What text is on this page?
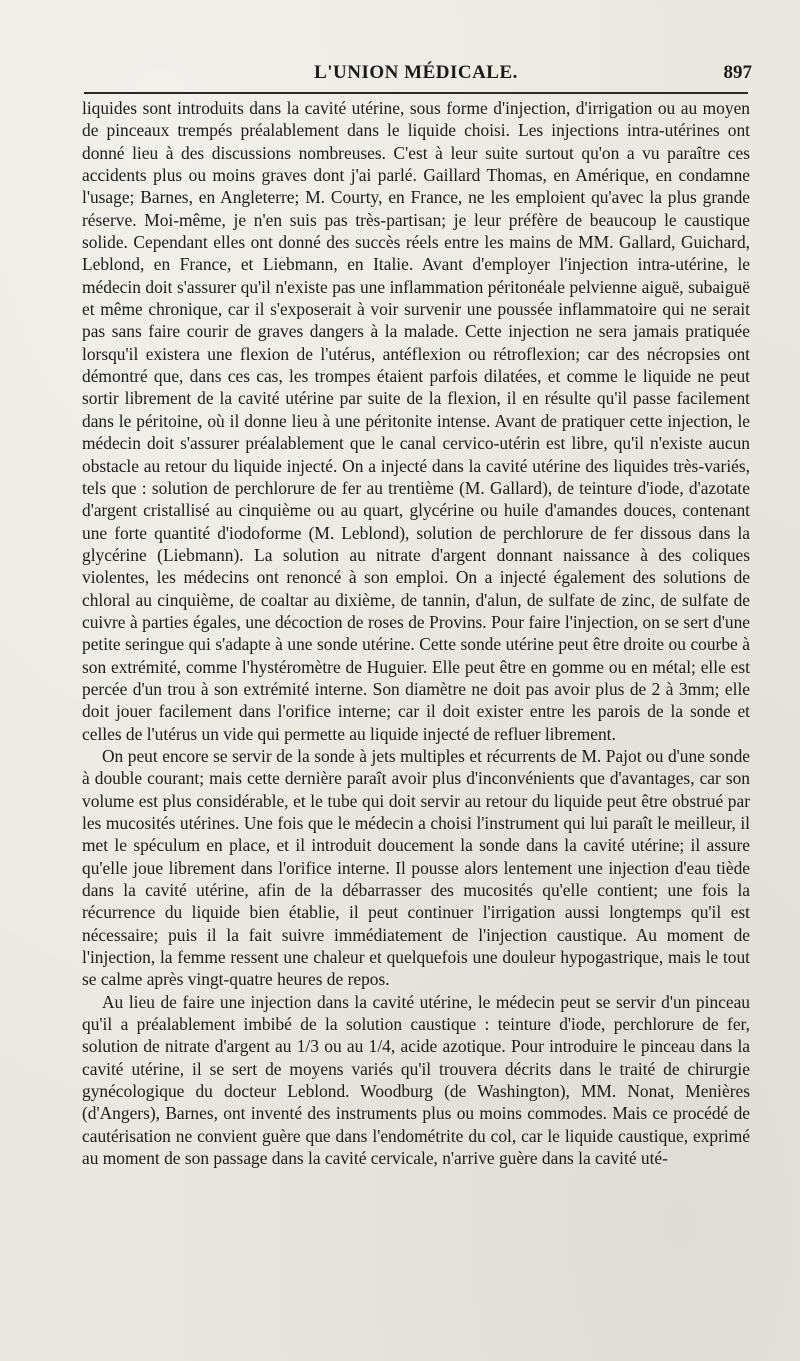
L'UNION MÉDICALE.	897

liquides sont introduits dans la cavité utérine, sous forme d'injection, d'irrigation ou au moyen de pinceaux trempés préalablement dans le liquide choisi. Les injections intra-utérines ont donné lieu à des discussions nombreuses. C'est à leur suite surtout qu'on a vu paraître ces accidents plus ou moins graves dont j'ai parlé. Gaillard Thomas, en Amérique, en condamne l'usage; Barnes, en Angleterre; M. Courty, en France, ne les emploient qu'avec la plus grande réserve. Moi-même, je n'en suis pas très-partisan; je leur préfère de beaucoup le caustique solide. Cependant elles ont donné des succès réels entre les mains de MM. Gallard, Guichard, Leblond, en France, et Liebmann, en Italie. Avant d'employer l'injection intra-utérine, le médecin doit s'assurer qu'il n'existe pas une inflammation péritonéale pelvienne aiguë, subaiguë et même chronique, car il s'exposerait à voir survenir une poussée inflammatoire qui ne serait pas sans faire courir de graves dangers à la malade. Cette injection ne sera jamais pratiquée lorsqu'il existera une flexion de l'utérus, antéflexion ou rétroflexion; car des nécropsies ont démontré que, dans ces cas, les trompes étaient parfois dilatées, et comme le liquide ne peut sortir librement de la cavité utérine par suite de la flexion, il en résulte qu'il passe facilement dans le péritoine, où il donne lieu à une péritonite intense. Avant de pratiquer cette injection, le médecin doit s'assurer préalablement que le canal cervico-utérin est libre, qu'il n'existe aucun obstacle au retour du liquide injecté. On a injecté dans la cavité utérine des liquides très-variés, tels que : solution de perchlorure de fer au trentième (M. Gallard), de teinture d'iode, d'azotate d'argent cristallisé au cinquième ou au quart, glycérine ou huile d'amandes douces, contenant une forte quantité d'iodoforme (M. Leblond), solution de perchlorure de fer dissous dans la glycérine (Liebmann). La solution au nitrate d'argent donnant naissance à des coliques violentes, les médecins ont renoncé à son emploi. On a injecté également des solutions de chloral au cinquième, de coaltar au dixième, de tannin, d'alun, de sulfate de zinc, de sulfate de cuivre à parties égales, une décoction de roses de Provins. Pour faire l'injection, on se sert d'une petite seringue qui s'adapte à une sonde utérine. Cette sonde utérine peut être droite ou courbe à son extrémité, comme l'hystéromètre de Huguier. Elle peut être en gomme ou en métal; elle est percée d'un trou à son extrémité interne. Son diamètre ne doit pas avoir plus de 2 à 3mm; elle doit jouer facilement dans l'orifice interne; car il doit exister entre les parois de la sonde et celles de l'utérus un vide qui permette au liquide injecté de refluer librement.

On peut encore se servir de la sonde à jets multiples et récurrents de M. Pajot ou d'une sonde à double courant; mais cette dernière paraît avoir plus d'inconvénients que d'avantages, car son volume est plus considérable, et le tube qui doit servir au retour du liquide peut être obstrué par les mucosités utérines. Une fois que le médecin a choisi l'instrument qui lui paraît le meilleur, il met le spéculum en place, et il introduit doucement la sonde dans la cavité utérine; il assure qu'elle joue librement dans l'orifice interne. Il pousse alors lentement une injection d'eau tiède dans la cavité utérine, afin de la débarrasser des mucosités qu'elle contient; une fois la récurrence du liquide bien établie, il peut continuer l'irrigation aussi longtemps qu'il est nécessaire; puis il la fait suivre immédiatement de l'injection caustique. Au moment de l'injection, la femme ressent une chaleur et quelquefois une douleur hypogastrique, mais le tout se calme après vingt-quatre heures de repos.

Au lieu de faire une injection dans la cavité utérine, le médecin peut se servir d'un pinceau qu'il a préalablement imbibé de la solution caustique : teinture d'iode, perchlorure de fer, solution de nitrate d'argent au 1/3 ou au 1/4, acide azotique. Pour introduire le pinceau dans la cavité utérine, il se sert de moyens variés qu'il trouvera décrits dans le traité de chirurgie gynécologique du docteur Leblond. Woodburg (de Washington), MM. Nonat, Menières (d'Angers), Barnes, ont inventé des instruments plus ou moins commodes. Mais ce procédé de cautérisation ne convient guère que dans l'endométrite du col, car le liquide caustique, exprimé au moment de son passage dans la cavité cervicale, n'arrive guère dans la cavité uté-
